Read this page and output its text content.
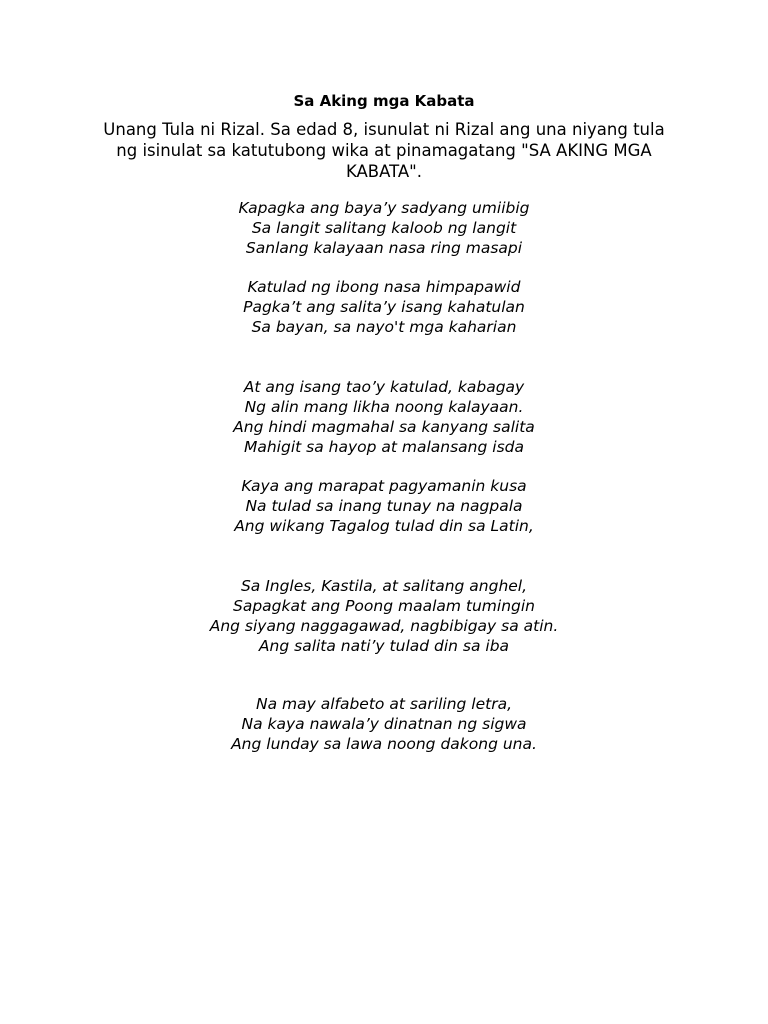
Sa Aking mga Kabata

Unang Tula ni Rizal. Sa edad 8, isunulat ni Rizal ang una niyang tula

ng isinulat sa katutubong wika at pinamagatang "SA AKING MGA

KABATA".

Kapagka ang baya’y sadyang umiibig

Sa langit salitang kaloob ng langit

Sanlang kalayaan nasa ring masapi

Katulad ng ibong nasa himpapawid

Pagka’t ang salita’y isang kahatulan

Sa bayan, sa nayo't mga kaharian

At ang isang tao’y katulad, kabagay

Ng alin mang likha noong kalayaan.

Ang hindi magmahal sa kanyang salita

Mahigit sa hayop at malansang isda

Kaya ang marapat pagyamanin kusa

Na tulad sa inang tunay na nagpala

Ang wikang Tagalog tulad din sa Latin,

Sa Ingles, Kastila, at salitang anghel,

Sapagkat ang Poong maalam tumingin

Ang siyang naggagawad, nagbibigay sa atin.

Ang salita nati’y tulad din sa iba

Na may alfabeto at sariling letra,

Na kaya nawala’y dinatnan ng sigwa

Ang lunday sa lawa noong dakong una.
